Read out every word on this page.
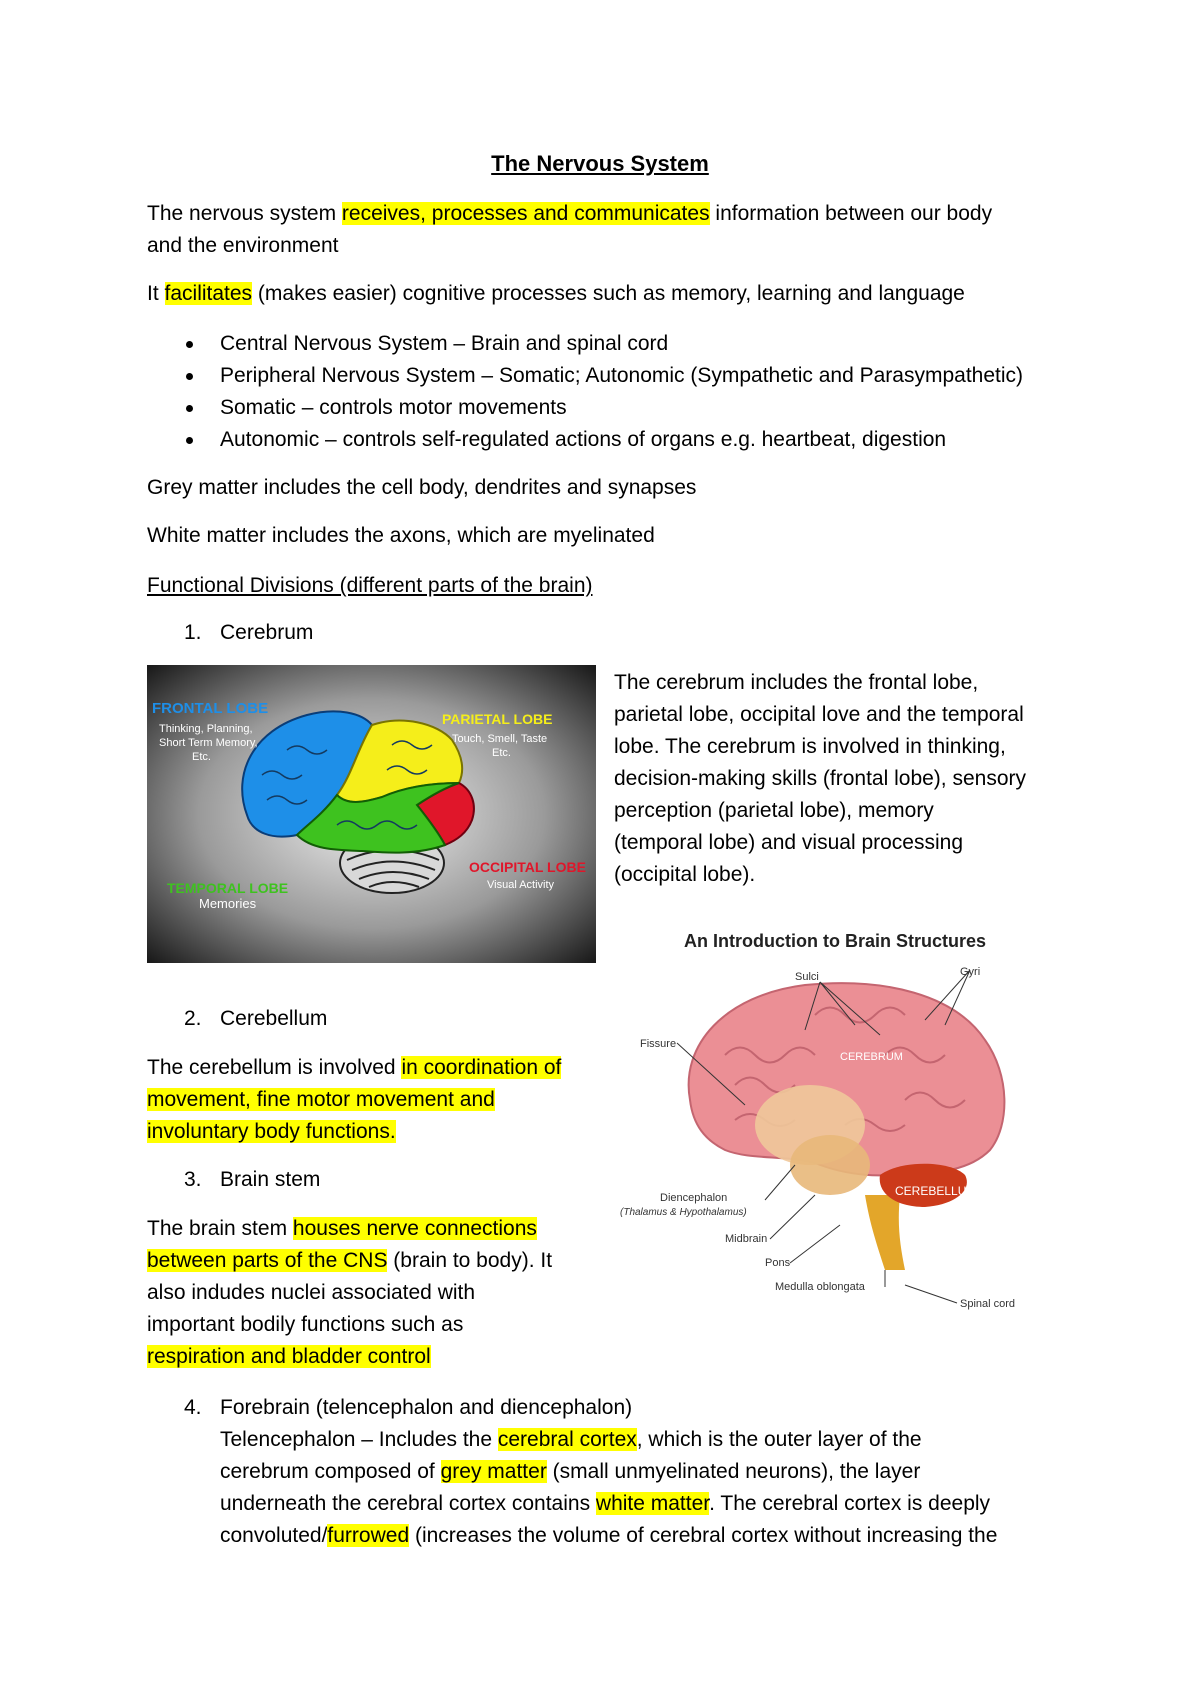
The Nervous System
The nervous system receives, processes and communicates information between our body
and the environment
It facilitates (makes easier) cognitive processes such as memory, learning and language
Central Nervous System – Brain and spinal cord
Peripheral Nervous System – Somatic; Autonomic (Sympathetic and Parasympathetic)
Somatic – controls motor movements
Autonomic – controls self-regulated actions of organs e.g. heartbeat, digestion
Grey matter includes the cell body, dendrites and synapses
White matter includes the axons, which are myelinated
Functional Divisions (different parts of the brain)
1. Cerebrum
FRONTAL LOBE
Thinking, Planning,
Short Term Memory,
Etc.
PARIETAL LOBE
Touch, Smell, Taste
Etc.
TEMPORAL LOBE
Memories
OCCIPITAL LOBE
Visual Activity
The cerebrum includes the frontal lobe,
parietal lobe, occipital love and the temporal
lobe. The cerebrum is involved in thinking,
decision-making skills (frontal lobe), sensory
perception (parietal lobe), memory
(temporal lobe) and visual processing
(occipital lobe).
An Introduction to Brain Structures
Sulci	Gyri
Fissure
CEREBRUM
Diencephalon
(Thalamus & Hypothalamus)
Midbrain
CEREBELLUM
Pons
Medulla oblongata
Spinal cord
2. Cerebellum
The cerebellum is involved in coordination of
movement, fine motor movement and
involuntary body functions.
3. Brain stem
The brain stem houses nerve connections
between parts of the CNS (brain to body). It
also indudes nuclei associated with
important bodily functions such as
respiration and bladder control
4. Forebrain (telencephalon and diencephalon)
Telencephalon – Includes the cerebral cortex, which is the outer layer of the
cerebrum composed of grey matter (small unmyelinated neurons), the layer
underneath the cerebral cortex contains white matter. The cerebral cortex is deeply
convoluted/furrowed (increases the volume of cerebral cortex without increasing the
